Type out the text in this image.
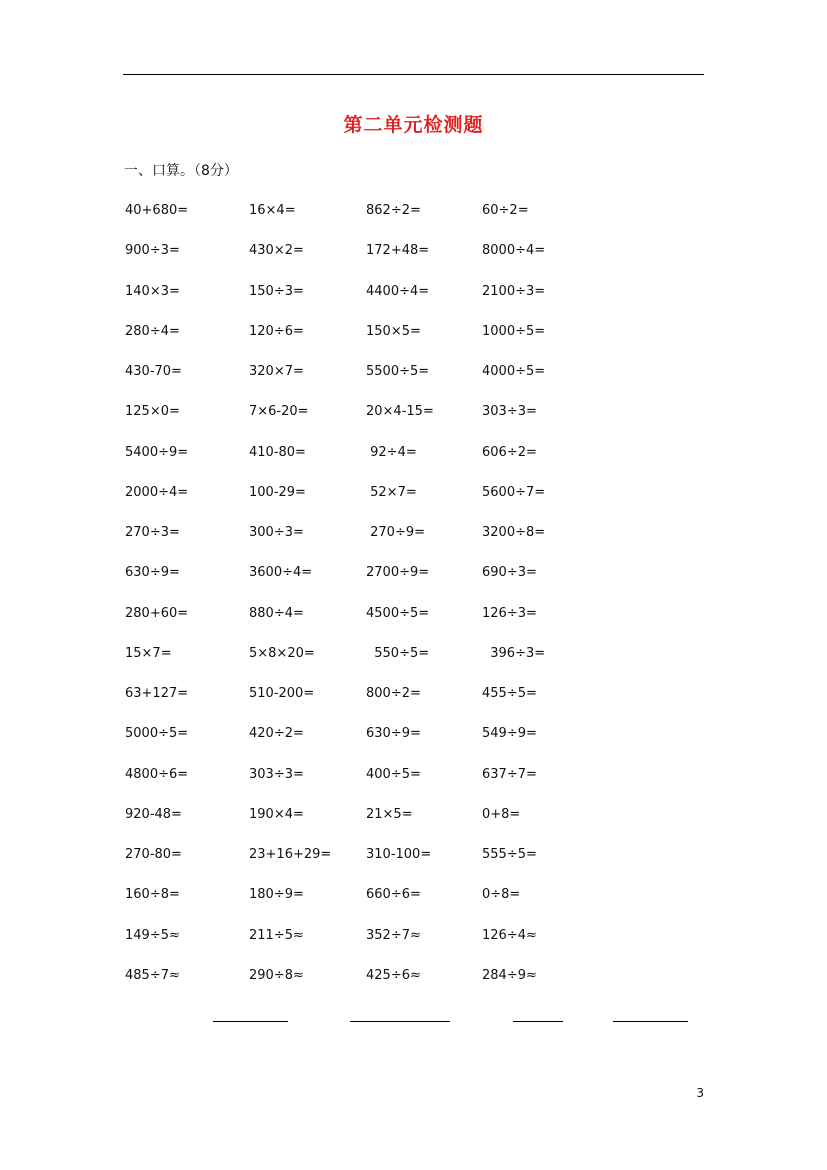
第二单元检测题
一、口算。（8分）
40+680=	16×4=	862÷2=	60÷2=
900÷3=	430×2=	172+48=	8000÷4=
140×3=	150÷3=	4400÷4=	2100÷3=
280÷4=	120÷6=	150×5=	1000÷5=
430-70=	320×7=	5500÷5=	4000÷5=
125×0=	7×6-20=	20×4-15=	303÷3=
5400÷9=	410-80=	92÷4=	606÷2=
2000÷4=	100-29=	52×7=	5600÷7=
270÷3=	300÷3=	270÷9=	3200÷8=
630÷9=	3600÷4=	2700÷9=	690÷3=
280+60=	880÷4=	4500÷5=	126÷3=
15×7=	5×8×20=	550÷5=	396÷3=
63+127=	510-200=	800÷2=	455÷5=
5000÷5=	420÷2=	630÷9=	549÷9=
4800÷6=	303÷3=	400÷5=	637÷7=
920-48=	190×4=	21×5=	0+8=
270-80=	23+16+29=	310-100=	555÷5=
160÷8=	180÷9=	660÷6=	0÷8=
149÷5≈	211÷5≈	352÷7≈	126÷4≈
485÷7≈	290÷8≈	425÷6≈	284÷9≈
3
